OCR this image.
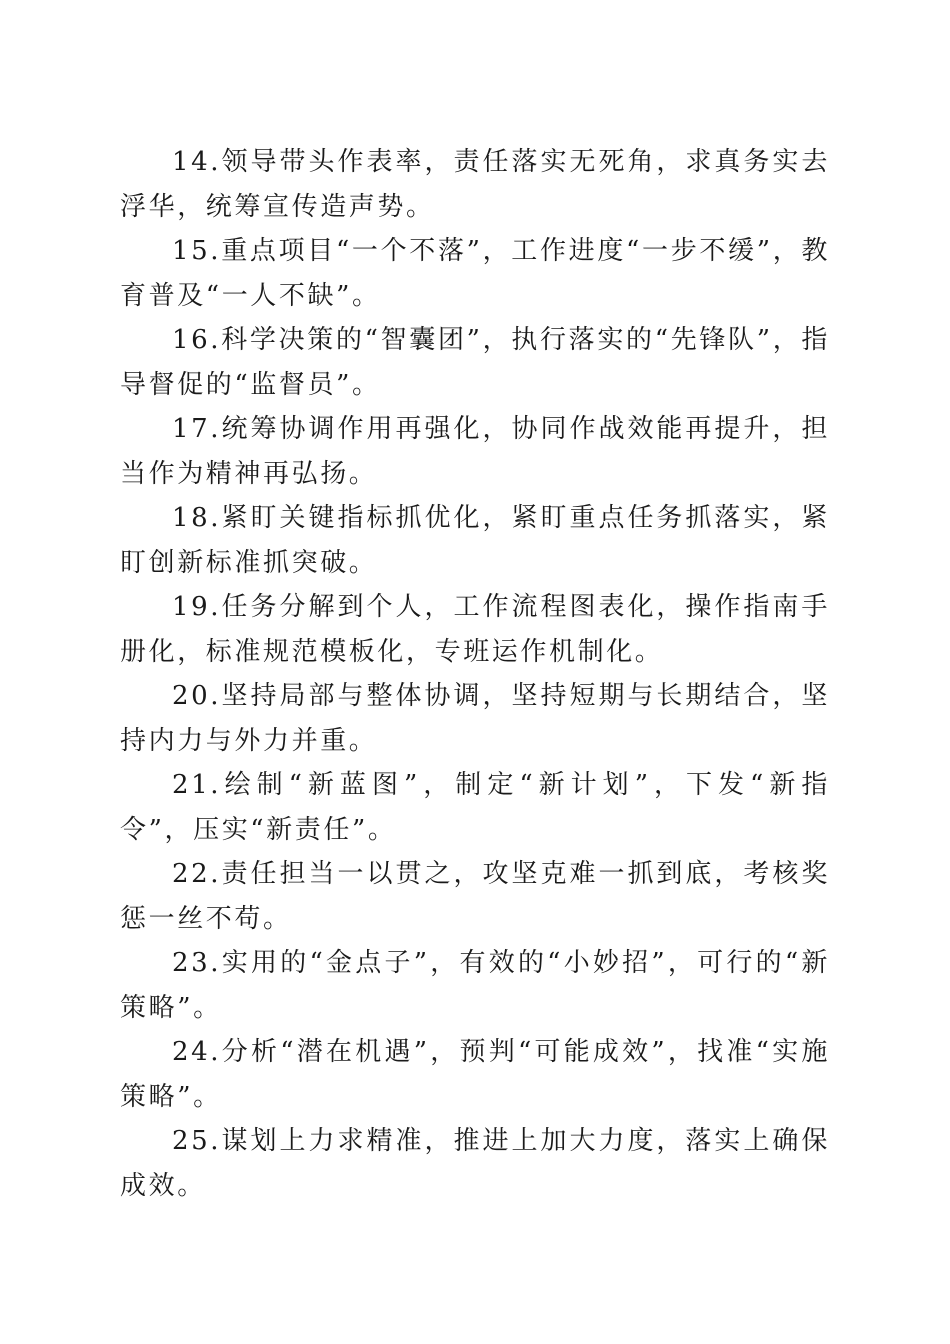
14.领导带头作表率，责任落实无死角，求真务实去浮华，统筹宣传造声势。

15.重点项目“一个不落”，工作进度“一步不缓”，教育普及“一人不缺”。

16.科学决策的“智囊团”，执行落实的“先锋队”，指导督促的“监督员”。

17.统筹协调作用再强化，协同作战效能再提升，担当作为精神再弘扬。

18.紧盯关键指标抓优化，紧盯重点任务抓落实，紧盯创新标准抓突破。

19.任务分解到个人，工作流程图表化，操作指南手册化，标准规范模板化，专班运作机制化。

20.坚持局部与整体协调，坚持短期与长期结合，坚持内力与外力并重。

21.绘制“新蓝图”，制定“新计划”，下发“新指令”，压实“新责任”。

22.责任担当一以贯之，攻坚克难一抓到底，考核奖惩一丝不苟。

23.实用的“金点子”，有效的“小妙招”，可行的“新策略”。

24.分析“潜在机遇”，预判“可能成效”，找准“实施策略”。

25.谋划上力求精准，推进上加大力度，落实上确保成效。
